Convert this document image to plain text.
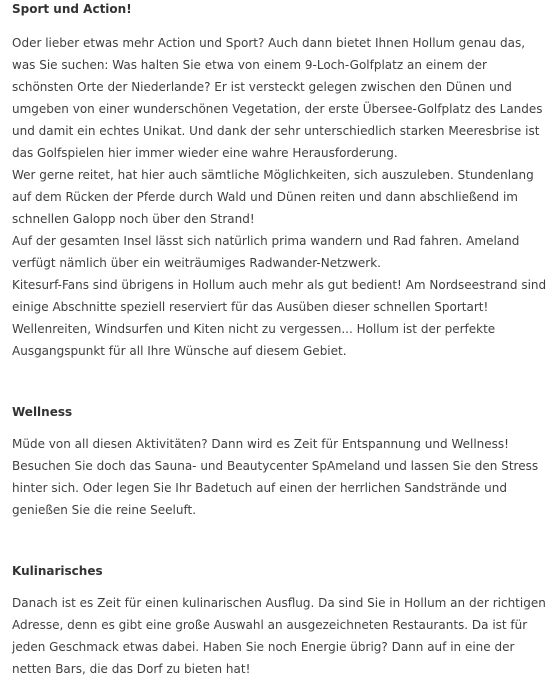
Sport und Action!

Oder lieber etwas mehr Action und Sport? Auch dann bietet Ihnen Hollum genau das, was Sie suchen: Was halten Sie etwa von einem 9-Loch-Golfplatz an einem der schönsten Orte der Niederlande? Er ist versteckt gelegen zwischen den Dünen und umgeben von einer wunderschönen Vegetation, der erste Übersee-Golfplatz des Landes und damit ein echtes Unikat. Und dank der sehr unterschiedlich starken Meeresbrise ist das Golfspielen hier immer wieder eine wahre Herausforderung.
Wer gerne reitet, hat hier auch sämtliche Möglichkeiten, sich auszuleben. Stundenlang auf dem Rücken der Pferde durch Wald und Dünen reiten und dann abschließend im schnellen Galopp noch über den Strand!
Auf der gesamten Insel lässt sich natürlich prima wandern und Rad fahren. Ameland verfügt nämlich über ein weiträumiges Radwander-Netzwerk.
Kitesurf-Fans sind übrigens in Hollum auch mehr als gut bedient! Am Nordseestrand sind einige Abschnitte speziell reserviert für das Ausüben dieser schnellen Sportart! Wellenreiten, Windsurfen und Kiten nicht zu vergessen... Hollum ist der perfekte Ausgangspunkt für all Ihre Wünsche auf diesem Gebiet.

Wellness

Müde von all diesen Aktivitäten? Dann wird es Zeit für Entspannung und Wellness! Besuchen Sie doch das Sauna- und Beautycenter SpAmeland und lassen Sie den Stress hinter sich. Oder legen Sie Ihr Badetuch auf einen der herrlichen Sandstrände und genießen Sie die reine Seeluft.

Kulinarisches

Danach ist es Zeit für einen kulinarischen Ausflug. Da sind Sie in Hollum an der richtigen Adresse, denn es gibt eine große Auswahl an ausgezeichneten Restaurants. Da ist für jeden Geschmack etwas dabei. Haben Sie noch Energie übrig? Dann auf in eine der netten Bars, die das Dorf zu bieten hat!
